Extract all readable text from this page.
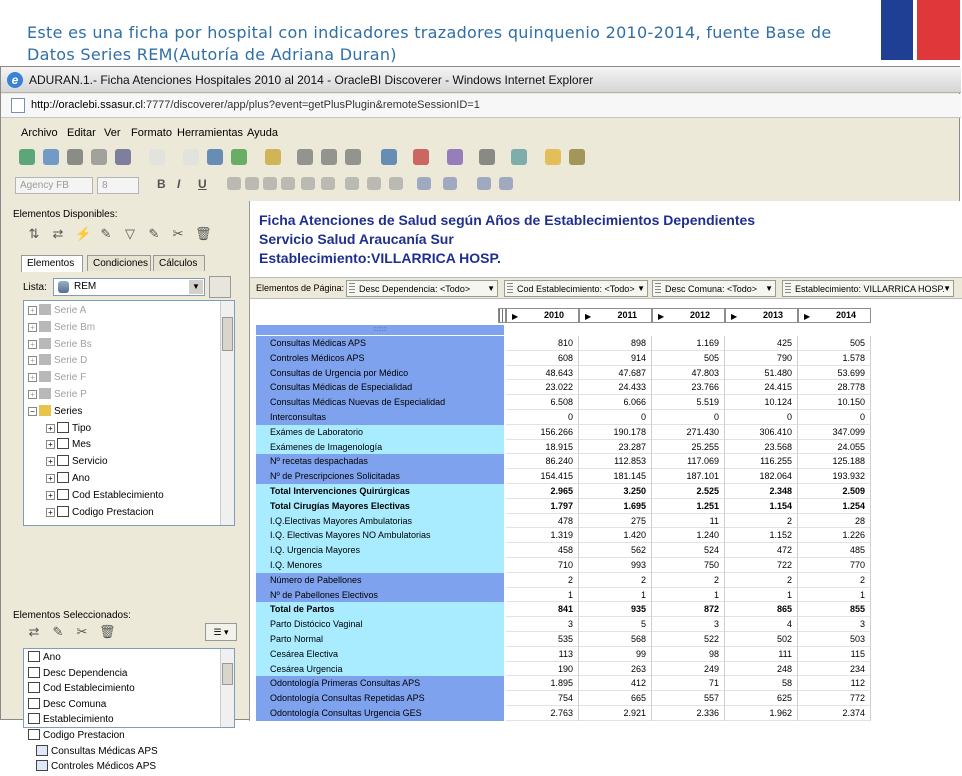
Este es una ficha por hospital con indicadores trazadores quinquenio 2010-2014, fuente Base de Datos Series REM(Autoría de Adriana Duran)
e ADURAN.1.- Ficha Atenciones Hospitales 2010 al 2014 - OracleBI Discoverer - Windows Internet Explorer
http://oraclebi.ssasur.cl:7777/discoverer/app/plus?event=getPlusPlugin&remoteSessionID=1
Archivo Editar Ver Formato Herramientas Ayuda
Agency FB	8	B I U
Elementos Disponibles:
⇅ ⇄ ⚡ ✎ ▽ ✎ ✂ 🗑
Elementos	Condiciones	Cálculos
Lista:	REM	▼
+ Serie A
+ Serie Bm
+ Serie Bs
+ Serie D
+ Serie F
+ Serie P
− Series
+ Tipo
+ Mes
+ Servicio
+ Ano
+ Cod Establecimiento
+ Codigo Prestacion
Elementos Seleccionados:
⇄ ✎ ✂ 🗑	☰ ▾
Ano
Desc Dependencia
Cod Establecimiento
Desc Comuna
Establecimiento
Codigo Prestacion
Consultas Médicas APS
Controles Médicos APS
Ficha Atenciones de Salud según Años de Establecimientos Dependientes
Servicio Salud Araucanía Sur
Establecimiento:VILLARRICA HOSP.
Elementos de Página:	Desc Dependencia: <Todo> ▼	Cod Establecimiento: <Todo> ▼	Desc Comuna: <Todo> ▼	Establecimiento: VILLARRICA HOSP.
▼
▶	2010	▶	2011	▶	2012	▶	2013	▶	2014
::::::::
Consultas Médicas APS	810	898	1.169	425	505
Controles Médicos APS	608	914	505	790	1.578
Consultas de Urgencia por Médico	48.643	47.687	47.803	51.480	53.699
Consultas Médicas de Especialidad	23.022	24.433	23.766	24.415	28.778
Consultas Médicas Nuevas de Especialidad	6.508	6.066	5.519	10.124	10.150
Interconsultas	0	0	0	0	0
Exámes de Laboratorio	156.266	190.178	271.430	306.410	347.099
Exámenes de Imagenología	18.915	23.287	25.255	23.568	24.055
Nº recetas despachadas	86.240	112.853	117.069	116.255	125.188
Nº de Prescripciones Solicitadas	154.415	181.145	187.101	182.064	193.932
Total Intervenciones Quirúrgicas	2.965	3.250	2.525	2.348	2.509
Total Cirugías Mayores Electivas	1.797	1.695	1.251	1.154	1.254
I.Q.Electivas Mayores Ambulatorias	478	275	11	2	28
I.Q. Electivas Mayores NO Ambulatorias	1.319	1.420	1.240	1.152	1.226
I.Q. Urgencia Mayores	458	562	524	472	485
I.Q. Menores	710	993	750	722	770
Número de Pabellones	2	2	2	2	2
Nº de Pabellones Electivos	1	1	1	1	1
Total de Partos	841	935	872	865	855
Parto Distócico Vaginal	3	5	3	4	3
Parto Normal	535	568	522	502	503
Cesárea Electiva	113	99	98	111	115
Cesárea Urgencia	190	263	249	248	234
Odontología Primeras Consultas APS	1.895	412	71	58	112
Odontología Consultas Repetidas APS	754	665	557	625	772
Odontología Consultas Urgencia GES	2.763	2.921	2.336	1.962	2.374
